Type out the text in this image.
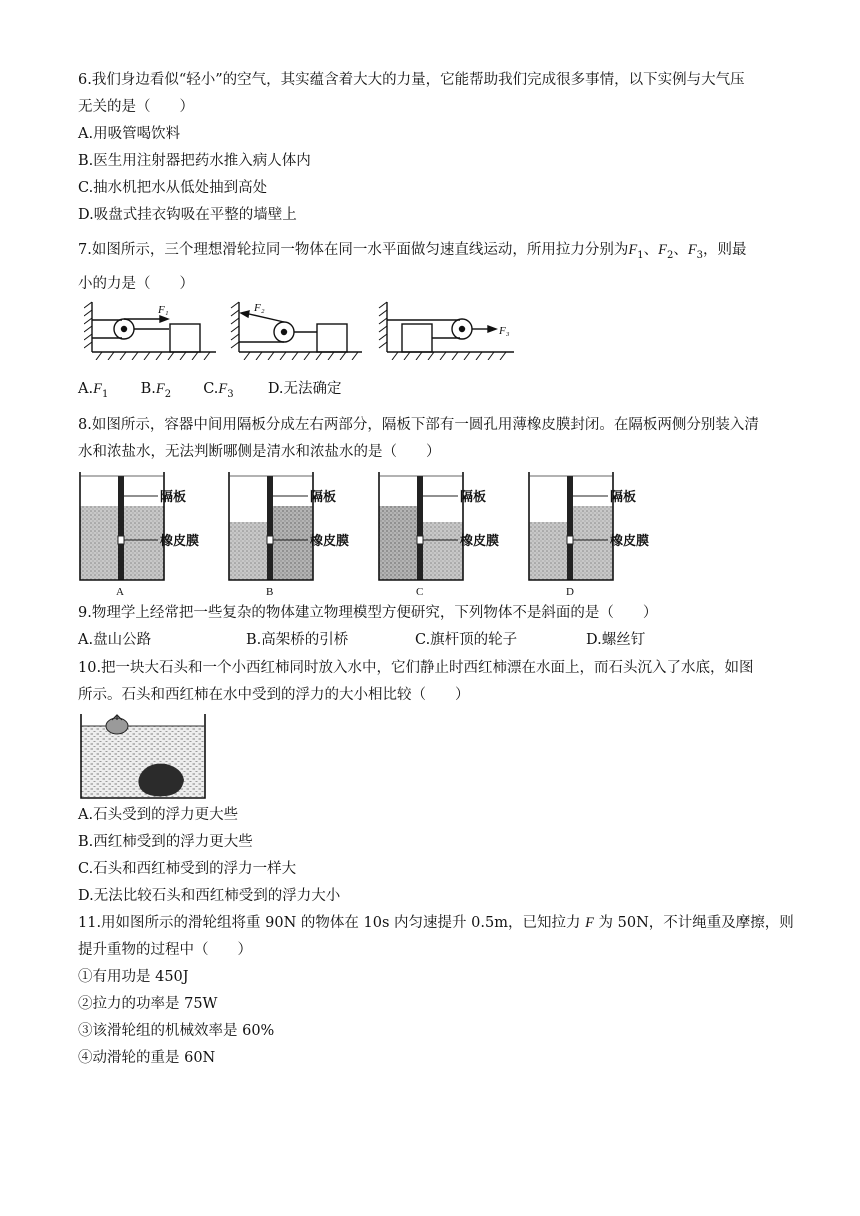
6.我们身边看似“轻小”的空气，其实蕴含着大大的力量，它能帮助我们完成很多事情，以下实例与大气压
无关的是（　　）
A.用吸管喝饮料
B.医生用注射器把药水推入病人体内
C.抽水机把水从低处抽到高处
D.吸盘式挂衣钩吸在平整的墙壁上
7.如图所示，三个理想滑轮拉同一物体在同一水平面做匀速直线运动，所用拉力分别为$F_1$、$F_2$、$F_3$，则最
小的力是（　　）
F₁	F₂
F₃
$A.F_1$ $B.F_2$ $C.F_3$ D.无法确定
8.如图所示，容器中间用隔板分成左右两部分，隔板下部有一圆孔用薄橡皮膜封闭。在隔板两侧分别装入清
水和浓盐水，无法判断哪侧是清水和浓盐水的是（　　）
隔板
橡皮膜
隔板
橡皮膜
隔板
橡皮膜
隔板
橡皮膜
A	B	C	D
9.物理学上经常把一些复杂的物体建立物理模型方便研究，下列物体不是斜面的是（　　）
A.盘山公路	B.高架桥的引桥	C.旗杆顶的轮子	D.螺丝钉
10.把一块大石头和一个小西红柿同时放入水中，它们静止时西红柿漂在水面上，而石头沉入了水底，如图
所示。石头和西红柿在水中受到的浮力的大小相比较（　　）
A.石头受到的浮力更大些
B.西红柿受到的浮力更大些
C.石头和西红柿受到的浮力一样大
D.无法比较石头和西红柿受到的浮力大小
11.用如图所示的滑轮组将重 90N 的物体在 10s 内匀速提升 0.5m，已知拉力 F 为 50N，不计绳重及摩擦，则
提升重物的过程中（　　）
①有用功是 450J
②拉力的功率是 75W
③该滑轮组的机械效率是 60%
④动滑轮的重是 60N
